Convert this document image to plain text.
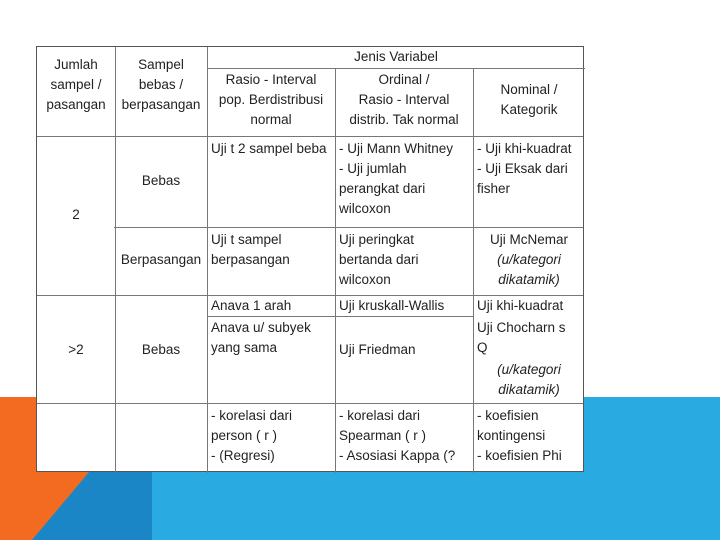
Jumlah
sampel /
pasangan
Sampel
bebas /
berpasangan
Jenis Variabel
Rasio - Interval
pop. Berdistribusi
normal
Ordinal /
Rasio - Interval
distrib. Tak normal
Nominal /
Kategorik
Bebas
Uji t 2 sampel beba - Uji Mann Whitney
- Uji jumlah
perangkat dari
wilcoxon
- Uji khi-kuadrat
- Uji Eksak dari
fisher
2
Berpasangan
Uji t sampel
berpasangan
Uji peringkat
bertanda dari
wilcoxon
Uji McNemar
(u/kategori
dikatamik)
>2	Bebas
Anava 1 arah
Anava u/ subyek
yang sama
Uji kruskall-Wallis
Uji Friedman
Uji khi-kuadrat
Uji Chocharn s
Q
(u/kategori
dikatamik)
- korelasi dari
person ( r )
- (Regresi)
- korelasi dari
Spearman ( r )
- Asosiasi Kappa (?
- koefisien
kontingensi
- koefisien Phi
